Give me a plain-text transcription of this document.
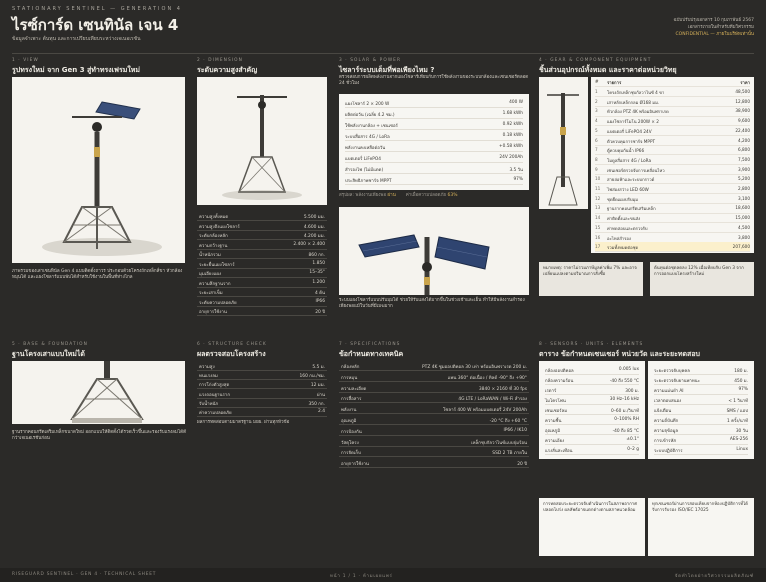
STATIONARY SENTINEL — GENERATION 4
ไรซ์การ์ด เซนทินัล เจน 4
ข้อมูลจำเพาะ ต้นทุน และการเปรียบเทียบระหว่างเจเนอเรชัน
ฉบับปรับปรุงเอกสาร 10 กุมภาพันธ์ 2567
เอกสารภายในสำหรับทีมวิศวกรรม
CONFIDENTIAL — ภายในบริษัทเท่านั้น
1 · VIEW
รูปทรงใหม่ จาก Gen 3 สู่ทำทรงเฟรมใหม่
ภาพรวมของเสาเซนทินัล Gen 4 แบบติดตั้งถาวร ประกอบด้วยโครงถักเหล็กสี่ขา หัวกล้องหมุนได้ และแผงโซลาร์แบบพับได้สำหรับใช้งานในพื้นที่ห่างไกล
2 · DIMENSION
ระดับความสูงสำคัญ
ความสูงทั้งหมด	5.500 มม.
ความสูงถึงแผงโซลาร์	4.600 มม.
ระดับกล้องหลัก	4.200 มม.
ความกว้างฐาน	2.400 × 2.400
น้ำหนักรวม	860 กก.
ระยะยื่นแผงโซลาร์	1.850
มุมเอียงแผง	15–35°
ความลึกฐานราก	1.200
ระยะเสาเข็ม	4 ต้น
ระดับความปลอดภัย	IP66
อายุการใช้งาน	20 ปี
3 · SOLAR & POWER
ไซลาร์ระบบเต็มที่พอเพียงไหม ?
ตรวจสอบการผลิตพลังงานจากแผงโซลาร์เทียบกับการใช้พลังงานของระบบกล้องและเซนเซอร์ตลอด 24 ชั่วโมง
แผงโซลาร์ 2 × 200 W	400 W
ผลิตต่อวัน (เฉลี่ย 4.2 ชม.)	1.68 kWh
ใช้พลังงานกล้อง + เซนเซอร์	0.92 kWh
ระบบสื่อสาร 4G / LoRa	0.18 kWh
พลังงานคงเหลือต่อวัน	+0.58 kWh
แบตเตอรี่ LiFePO4	24V 200Ah
สำรองไฟ (ไม่มีแดด)	3.5 วัน
ประสิทธิภาพชาร์จ MPPT	97%
สรุปผล: พลังงานเพียงพอ ผ่าน ค่าเผื่อความปลอดภัย 63%
ระบบแผงโซลาร์แบบปรับมุมได้ ช่วยให้รับแสงได้มากขึ้นในช่วงเช้าและเย็น ทำให้มีพลังงานสำรองเพียงพอแม้ในวันที่มีเมฆมาก
4 · GEAR & COMPONENT EQUIPMENT
ชิ้นส่วนอุปกรณ์ทั้งหมด และราคาต่อหน่วยวิทยุ
#	รายการ	ราคา
1	โครงถักเหล็กชุบกัลวาไนซ์ 4 ขา	48,500
2	เสาหลักเหล็กกลม Ø168 มม.	12,800
3	หัวกล้อง PTZ 4K พร้อมอินฟราเรด	38,900
4	แผงโซลาร์โมโน 200W × 2	9,600
5	แบตเตอรี่ LiFePO4 24V	22,400
6	ตัวควบคุมการชาร์จ MPPT	4,200
7	ตู้ควบคุมกันน้ำ IP66	6,800
8	โมดูลสื่อสาร 4G / LoRa	7,500
9	เซนเซอร์ตรวจจับการเคลื่อนไหว	3,900
10	สายล่อฟ้าและระบบกราวด์	5,200
11	ไฟส่องสว่าง LED 60W	2,800
12	ชุดยึดแผงปรับมุม	3,100
13	ฐานรากคอนกรีตเสริมเหล็ก	18,600
14	ค่าติดตั้งและขนส่ง	15,000
15	ค่าทดสอบและตรวจรับ	4,500
16	อะไหล่สำรอง	3,800
17	รวมทั้งหมดต่อชุด	207,600
หมายเหตุ: ราคาไม่รวมภาษีมูลค่าเพิ่ม 7% และอาจเปลี่ยนแปลงตามปริมาณการสั่งซื้อ
ต้นทุนต่อชุดลดลง 12% เมื่อเทียบกับ Gen 3 จากการออกแบบโครงสร้างใหม่
5 · BASE & FOUNDATION
ฐานโครงเสาแบบใหม่ได้
ฐานรากคอนกรีตเสริมเหล็กขนาดใหม่ ออกแบบให้ติดตั้งได้รวดเร็วขึ้นและรองรับแรงลมได้ดีกว่าเจเนอเรชันก่อน
6 · STRUCTURE CHECK
ผลตรวจสอบโครงสร้าง
ความสูง	5.5 ม.
ทนแรงลม	160 กม./ชม.
การโก่งตัวสูงสุด	12 มม.
แรงถอนฐานราก	ผ่าน
รับน้ำหนัก	350 กก.
ค่าความปลอดภัย	2.4
ผลการทดสอบตามมาตรฐาน มยผ. ผ่านทุกหัวข้อ
7 · SPECIFICATIONS
ข้อกำหนดทางเทคนิค
กล้องหลัก	PTZ 4K ซูมออปติคอล 30 เท่า พร้อมอินฟราเรด 200 ม.
การหมุน	แพน 360° ต่อเนื่อง / ทิลต์ -90° ถึง +90°
ความละเอียด	3840 × 2160 ที่ 30 fps
การสื่อสาร	4G LTE / LoRaWAN / Wi-Fi สำรอง
พลังงาน	โซลาร์ 400 W พร้อมแบตเตอรี่ 24V 200Ah
อุณหภูมิ	-20 °C ถึง +60 °C
การป้องกัน	IP66 / IK10
วัสดุโครง	เหล็กชุบกัลวาไนซ์แบบจุ่มร้อน
การจัดเก็บ	SSD 2 TB ภายใน
อายุการใช้งาน	20 ปี
8 · SENSORS · UNITS · ELEMENTS
ตาราง ข้อกำหนดเซนเซอร์ หน่วยวัด และระยะทดสอบ
กล้องออปติคอล	0.005 lux
กล้องความร้อน	-40 ถึง 550 °C
เรดาร์	300 ม.
ไมโครโฟน	30 Hz–16 kHz
เซนเซอร์ลม	0–60 ม./วินาที
ความชื้น	0–100% RH
อุณหภูมิ	-40 ถึง 85 °C
ความเอียง	±0.1°
แรงสั่นสะเทือน	0–2 g
ระยะตรวจจับบุคคล	180 ม.
ระยะตรวจจับยานพาหนะ	450 ม.
ความแม่นยำ AI	97%
เวลาตอบสนอง	< 1 วินาที
แจ้งเตือน	SMS / แอป
ความถี่บันทึก	1 ครั้ง/นาที
ความจุข้อมูล	30 วัน
การเข้ารหัส	AES-256
ระบบปฏิบัติการ	Linux
การทดสอบระยะตรวจจับดำเนินการในสภาพอากาศปลอดโปร่ง ผลลัพธ์อาจแตกต่างตามสภาพแวดล้อม
ทุกเซนเซอร์ผ่านการสอบเทียบจากห้องปฏิบัติการที่ได้รับการรับรอง ISO/IEC 17025
RISEGUARD SENTINEL · GEN 4 · TECHNICAL SHEET	หน้า 1 / 1 · ห้ามเผยแพร่	จัดทำโดยฝ่ายวิศวกรรมผลิตภัณฑ์
